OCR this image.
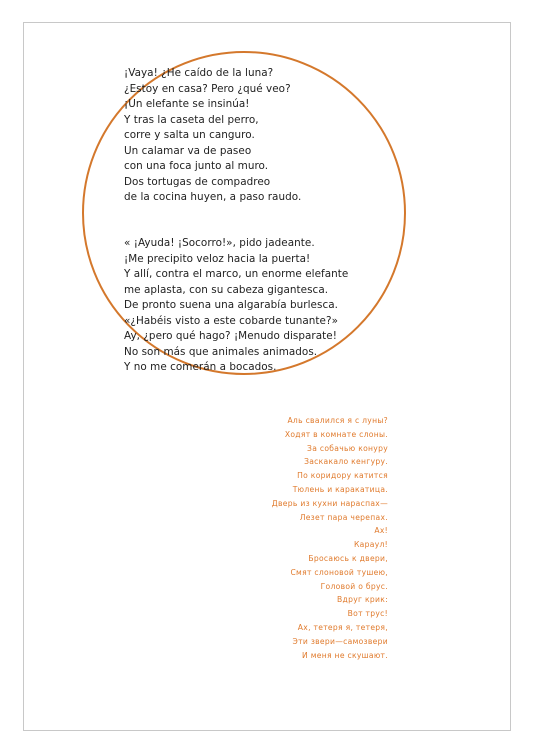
¡Vaya! ¿He caído de la luna?
¿Estoy en casa? Pero ¿qué veo?
¡Un elefante se insinúa!
Y tras la caseta del perro,
corre y salta un canguro.
Un calamar va de paseo
con una foca junto al muro.
Dos tortugas de compadreo
de la cocina huyen, a paso raudo.
« ¡Ayuda! ¡Socorro!», pido jadeante.
¡Me precipito veloz hacia la puerta!
Y allí, contra el marco, un enorme elefante
me aplasta, con su cabeza gigantesca.
De pronto suena una algarabía burlesca.
«¿Habéis visto a este cobarde tunante?»
Ay, ¿pero qué hago? ¡Menudo disparate!
No son más que animales animados.
Y no me comerán a bocados.
Аль свалился я с луны?
Ходят в комнате слоны.
За собачью конуру
Заскакало кенгуру.
По коридору катится
Тюлень и каракатица.
Дверь из кухни нараспах—
Лезет пара черепах.
Ах!
Караул!
Бросаюсь к двери,
Смят слоновой тушею,
Головой о брус.
Вдруг крик:
Вот трус!
Ах, тетеря я, тетеря,
Эти звери—самозвери
И меня не скушают.
